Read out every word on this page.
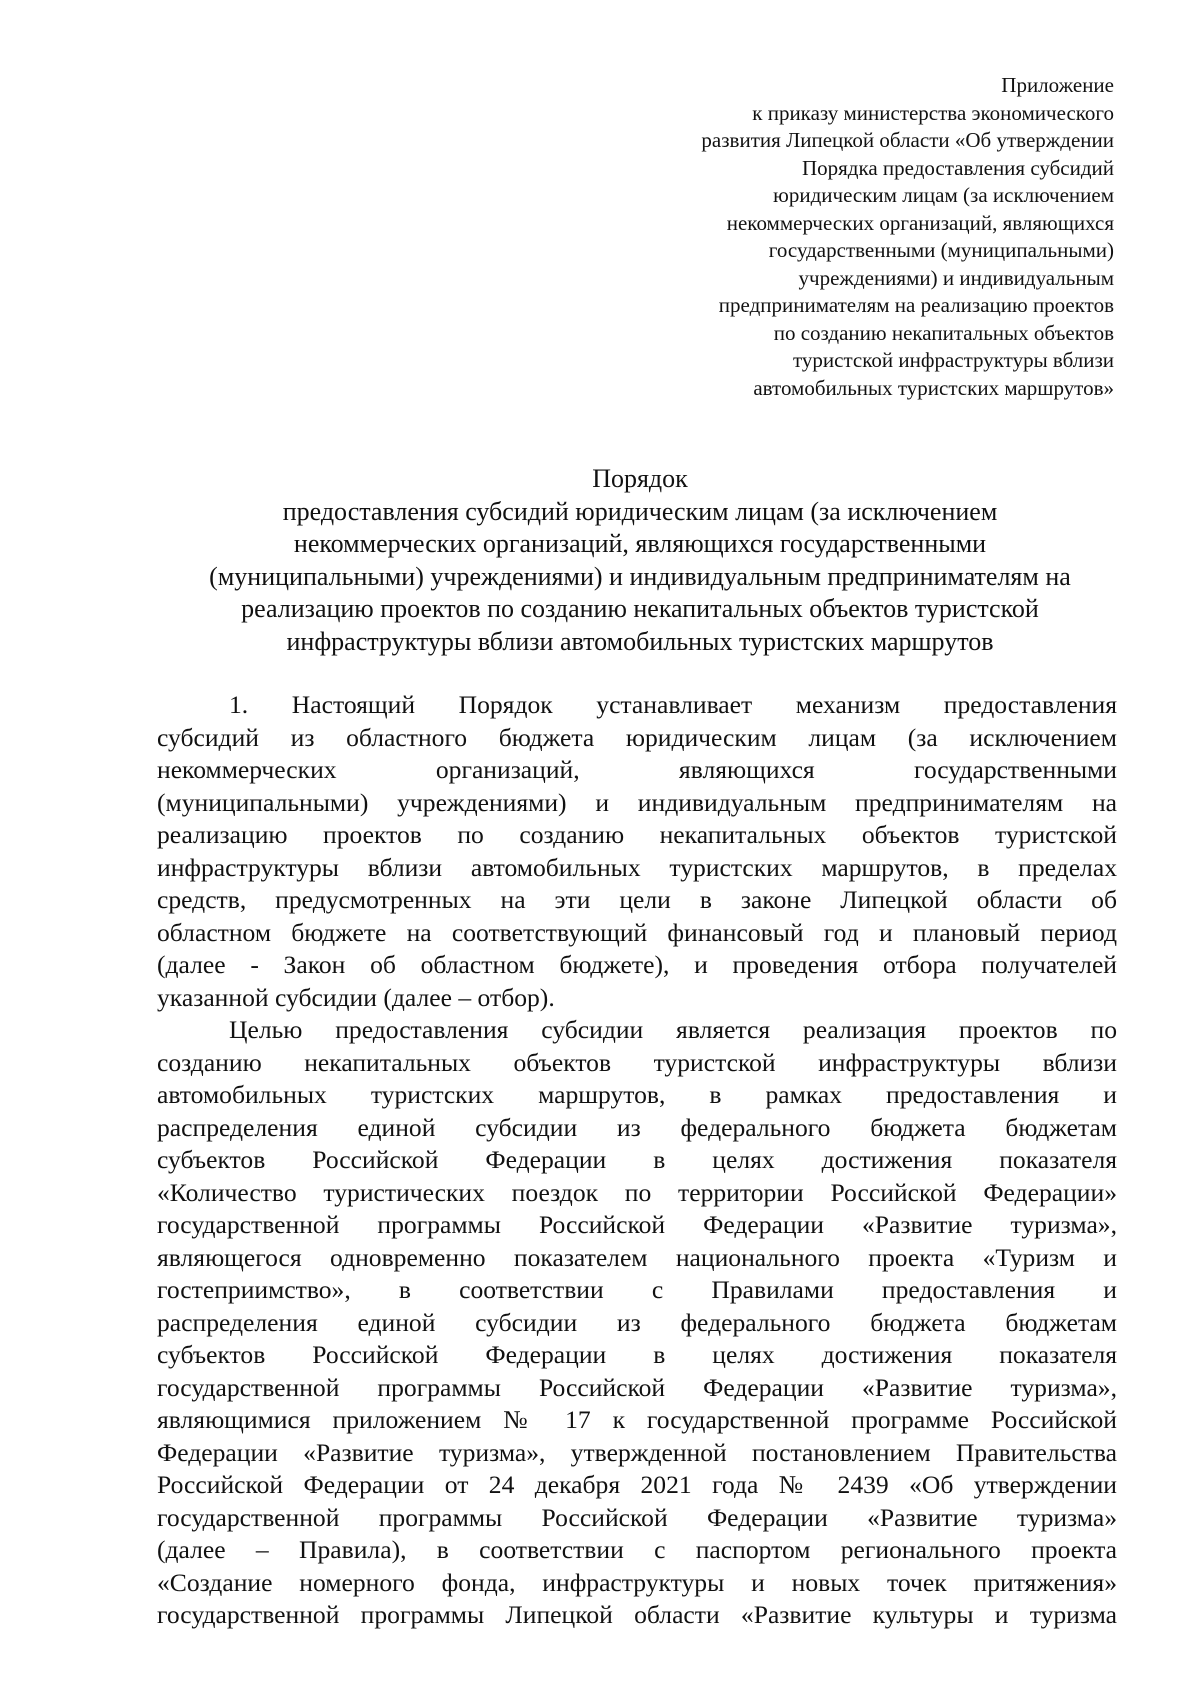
Приложение
к приказу министерства экономического
развития Липецкой области «Об утверждении
Порядка предоставления субсидий
юридическим лицам (за исключением
некоммерческих организаций, являющихся
государственными (муниципальными)
учреждениями) и индивидуальным
предпринимателям на реализацию проектов
по созданию некапитальных объектов
туристской инфраструктуры вблизи
автомобильных туристских маршрутов»
Порядок
предоставления субсидий юридическим лицам (за исключением
некоммерческих организаций, являющихся государственными
(муниципальными) учреждениями) и индивидуальным предпринимателям на
реализацию проектов по созданию некапитальных объектов туристской
инфраструктуры вблизи автомобильных туристских маршрутов
1. Настоящий Порядок устанавливает механизм предоставления
субсидий из областного бюджета юридическим лицам (за исключением
некоммерческих организаций, являющихся государственными
(муниципальными) учреждениями) и индивидуальным предпринимателям на
реализацию проектов по созданию некапитальных объектов туристской
инфраструктуры вблизи автомобильных туристских маршрутов, в пределах
средств, предусмотренных на эти цели в законе Липецкой области об
областном бюджете на соответствующий финансовый год и плановый период
(далее - Закон об областном бюджете), и проведения отбора получателей
указанной субсидии (далее – отбор).
Целью предоставления субсидии является реализация проектов по
созданию некапитальных объектов туристской инфраструктуры вблизи
автомобильных туристских маршрутов, в рамках предоставления и
распределения единой субсидии из федерального бюджета бюджетам
субъектов Российской Федерации в целях достижения показателя
«Количество туристических поездок по территории Российской Федерации»
государственной программы Российской Федерации «Развитие туризма»,
являющегося одновременно показателем национального проекта «Туризм и
гостеприимство», в соответствии с Правилами предоставления и
распределения единой субсидии из федерального бюджета бюджетам
субъектов Российской Федерации в целях достижения показателя
государственной программы Российской Федерации «Развитие туризма»,
являющимися приложением № 17 к государственной программе Российской
Федерации «Развитие туризма», утвержденной постановлением Правительства
Российской Федерации от 24 декабря 2021 года № 2439 «Об утверждении
государственной программы Российской Федерации «Развитие туризма»
(далее – Правила), в соответствии с паспортом регионального проекта
«Создание номерного фонда, инфраструктуры и новых точек притяжения»
государственной программы Липецкой области «Развитие культуры и туризма
